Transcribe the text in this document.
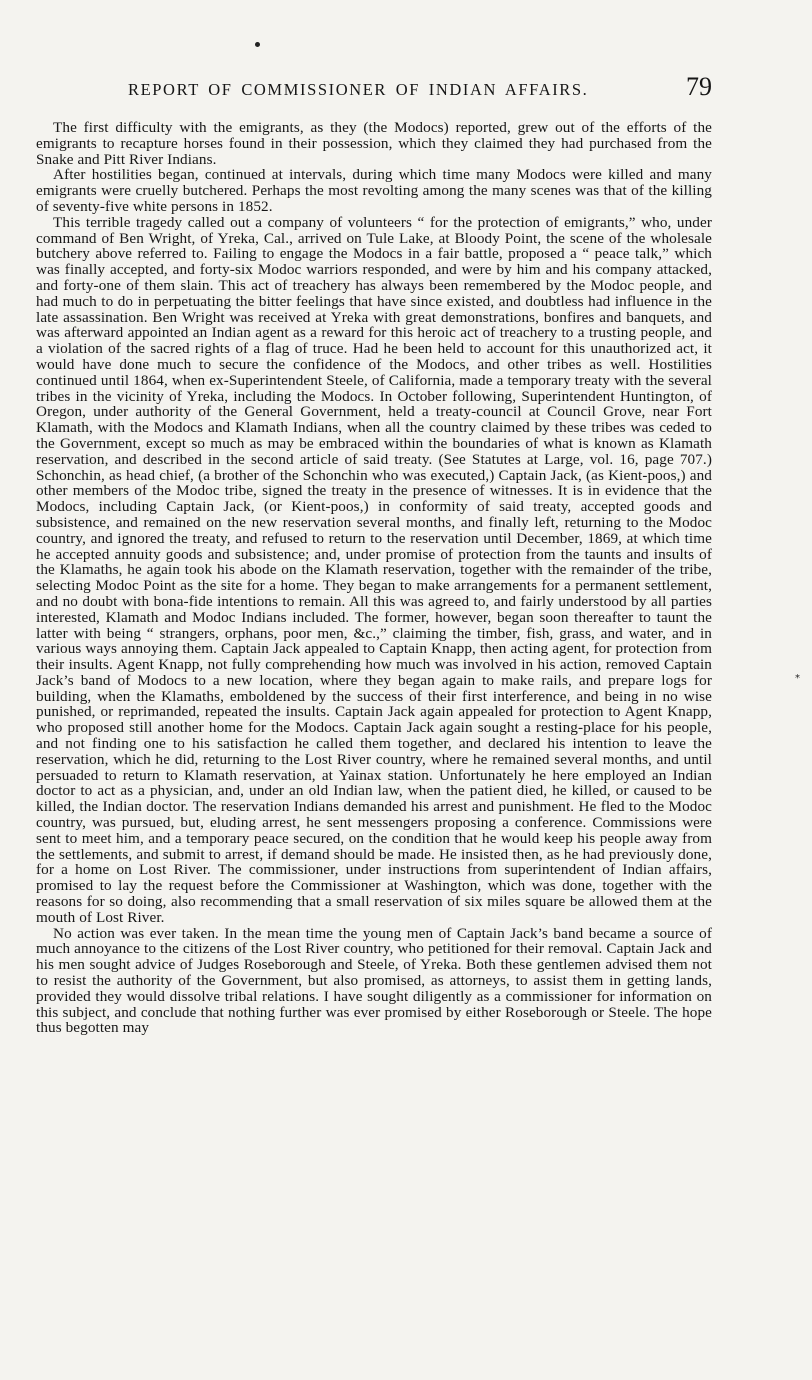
REPORT OF COMMISSIONER OF INDIAN AFFAIRS.	79

The first difficulty with the emigrants, as they (the Modocs) reported, grew out of the efforts of the emigrants to recapture horses found in their possession, which they claimed they had purchased from the Snake and Pitt River Indians.

After hostilities began, continued at intervals, during which time many Modocs were killed and many emigrants were cruelly butchered. Perhaps the most revolting among the many scenes was that of the killing of seventy-five white persons in 1852.

This terrible tragedy called out a company of volunteers “ for the protection of emigrants,” who, under command of Ben Wright, of Yreka, Cal., arrived on Tule Lake, at Bloody Point, the scene of the wholesale butchery above referred to. Failing to engage the Modocs in a fair battle, proposed a “ peace talk,” which was finally accepted, and forty-six Modoc warriors responded, and were by him and his company attacked, and forty-one of them slain. This act of treachery has always been remembered by the Modoc people, and had much to do in perpetuating the bitter feelings that have since existed, and doubtless had influence in the late assassination. Ben Wright was received at Yreka with great demonstrations, bonfires and banquets, and was afterward appointed an Indian agent as a reward for this heroic act of treachery to a trusting people, and a violation of the sacred rights of a flag of truce. Had he been held to account for this unauthorized act, it would have done much to secure the confidence of the Modocs, and other tribes as well. Hostilities continued until 1864, when ex-Superintendent Steele, of California, made a temporary treaty with the several tribes in the vicinity of Yreka, including the Modocs. In October following, Superintendent Huntington, of Oregon, under authority of the General Government, held a treaty-council at Council Grove, near Fort Klamath, with the Modocs and Klamath Indians, when all the country claimed by these tribes was ceded to the Government, except so much as may be embraced within the boundaries of what is known as Klamath reservation, and described in the second article of said treaty. (See Statutes at Large, vol. 16, page 707.) Schonchin, as head chief, (a brother of the Schonchin who was executed,) Captain Jack, (as Kient-poos,) and other members of the Modoc tribe, signed the treaty in the presence of witnesses. It is in evidence that the Modocs, including Captain Jack, (or Kient-poos,) in conformity of said treaty, accepted goods and subsistence, and remained on the new reservation several months, and finally left, returning to the Modoc country, and ignored the treaty, and refused to return to the reservation until December, 1869, at which time he accepted annuity goods and subsistence; and, under promise of protection from the taunts and insults of the Klamaths, he again took his abode on the Klamath reservation, together with the remainder of the tribe, selecting Modoc Point as the site for a home. They began to make arrangements for a permanent settlement, and no doubt with bona-fide intentions to remain. All this was agreed to, and fairly understood by all parties interested, Klamath and Modoc Indians included. The former, however, began soon thereafter to taunt the latter with being “ strangers, orphans, poor men, &c.,” claiming the timber, fish, grass, and water, and in various ways annoying them. Captain Jack appealed to Captain Knapp, then acting agent, for protection from their insults. Agent Knapp, not fully comprehending how much was involved in his action, removed Captain Jack’s band of Modocs to a new location, where they began again to make rails, and prepare logs for building, when the Klamaths, emboldened by the success of their first interference, and being in no wise punished, or reprimanded, repeated the insults. Captain Jack again appealed for protection to Agent Knapp, who proposed still another home for the Modocs. Captain Jack again sought a resting-place for his people, and not finding one to his satisfaction he called them together, and declared his intention to leave the reservation, which he did, returning to the Lost River country, where he remained several months, and until persuaded to return to Klamath reservation, at Yainax station. Unfortunately he here employed an Indian doctor to act as a physician, and, under an old Indian law, when the patient died, he killed, or caused to be killed, the Indian doctor. The reservation Indians demanded his arrest and punishment. He fled to the Modoc country, was pursued, but, eluding arrest, he sent messengers proposing a conference. Commissions were sent to meet him, and a temporary peace secured, on the condition that he would keep his people away from the settlements, and submit to arrest, if demand should be made. He insisted then, as he had previously done, for a home on Lost River. The commissioner, under instructions from superintendent of Indian affairs, promised to lay the request before the Commissioner at Washington, which was done, together with the reasons for so doing, also recommending that a small reservation of six miles square be allowed them at the mouth of Lost River.

No action was ever taken. In the mean time the young men of Captain Jack’s band became a source of much annoyance to the citizens of the Lost River country, who petitioned for their removal. Captain Jack and his men sought advice of Judges Roseborough and Steele, of Yreka. Both these gentlemen advised them not to resist the authority of the Government, but also promised, as attorneys, to assist them in getting lands, provided they would dissolve tribal relations. I have sought diligently as a commissioner for information on this subject, and conclude that nothing further was ever promised by either Roseborough or Steele. The hope thus begotten may

*
